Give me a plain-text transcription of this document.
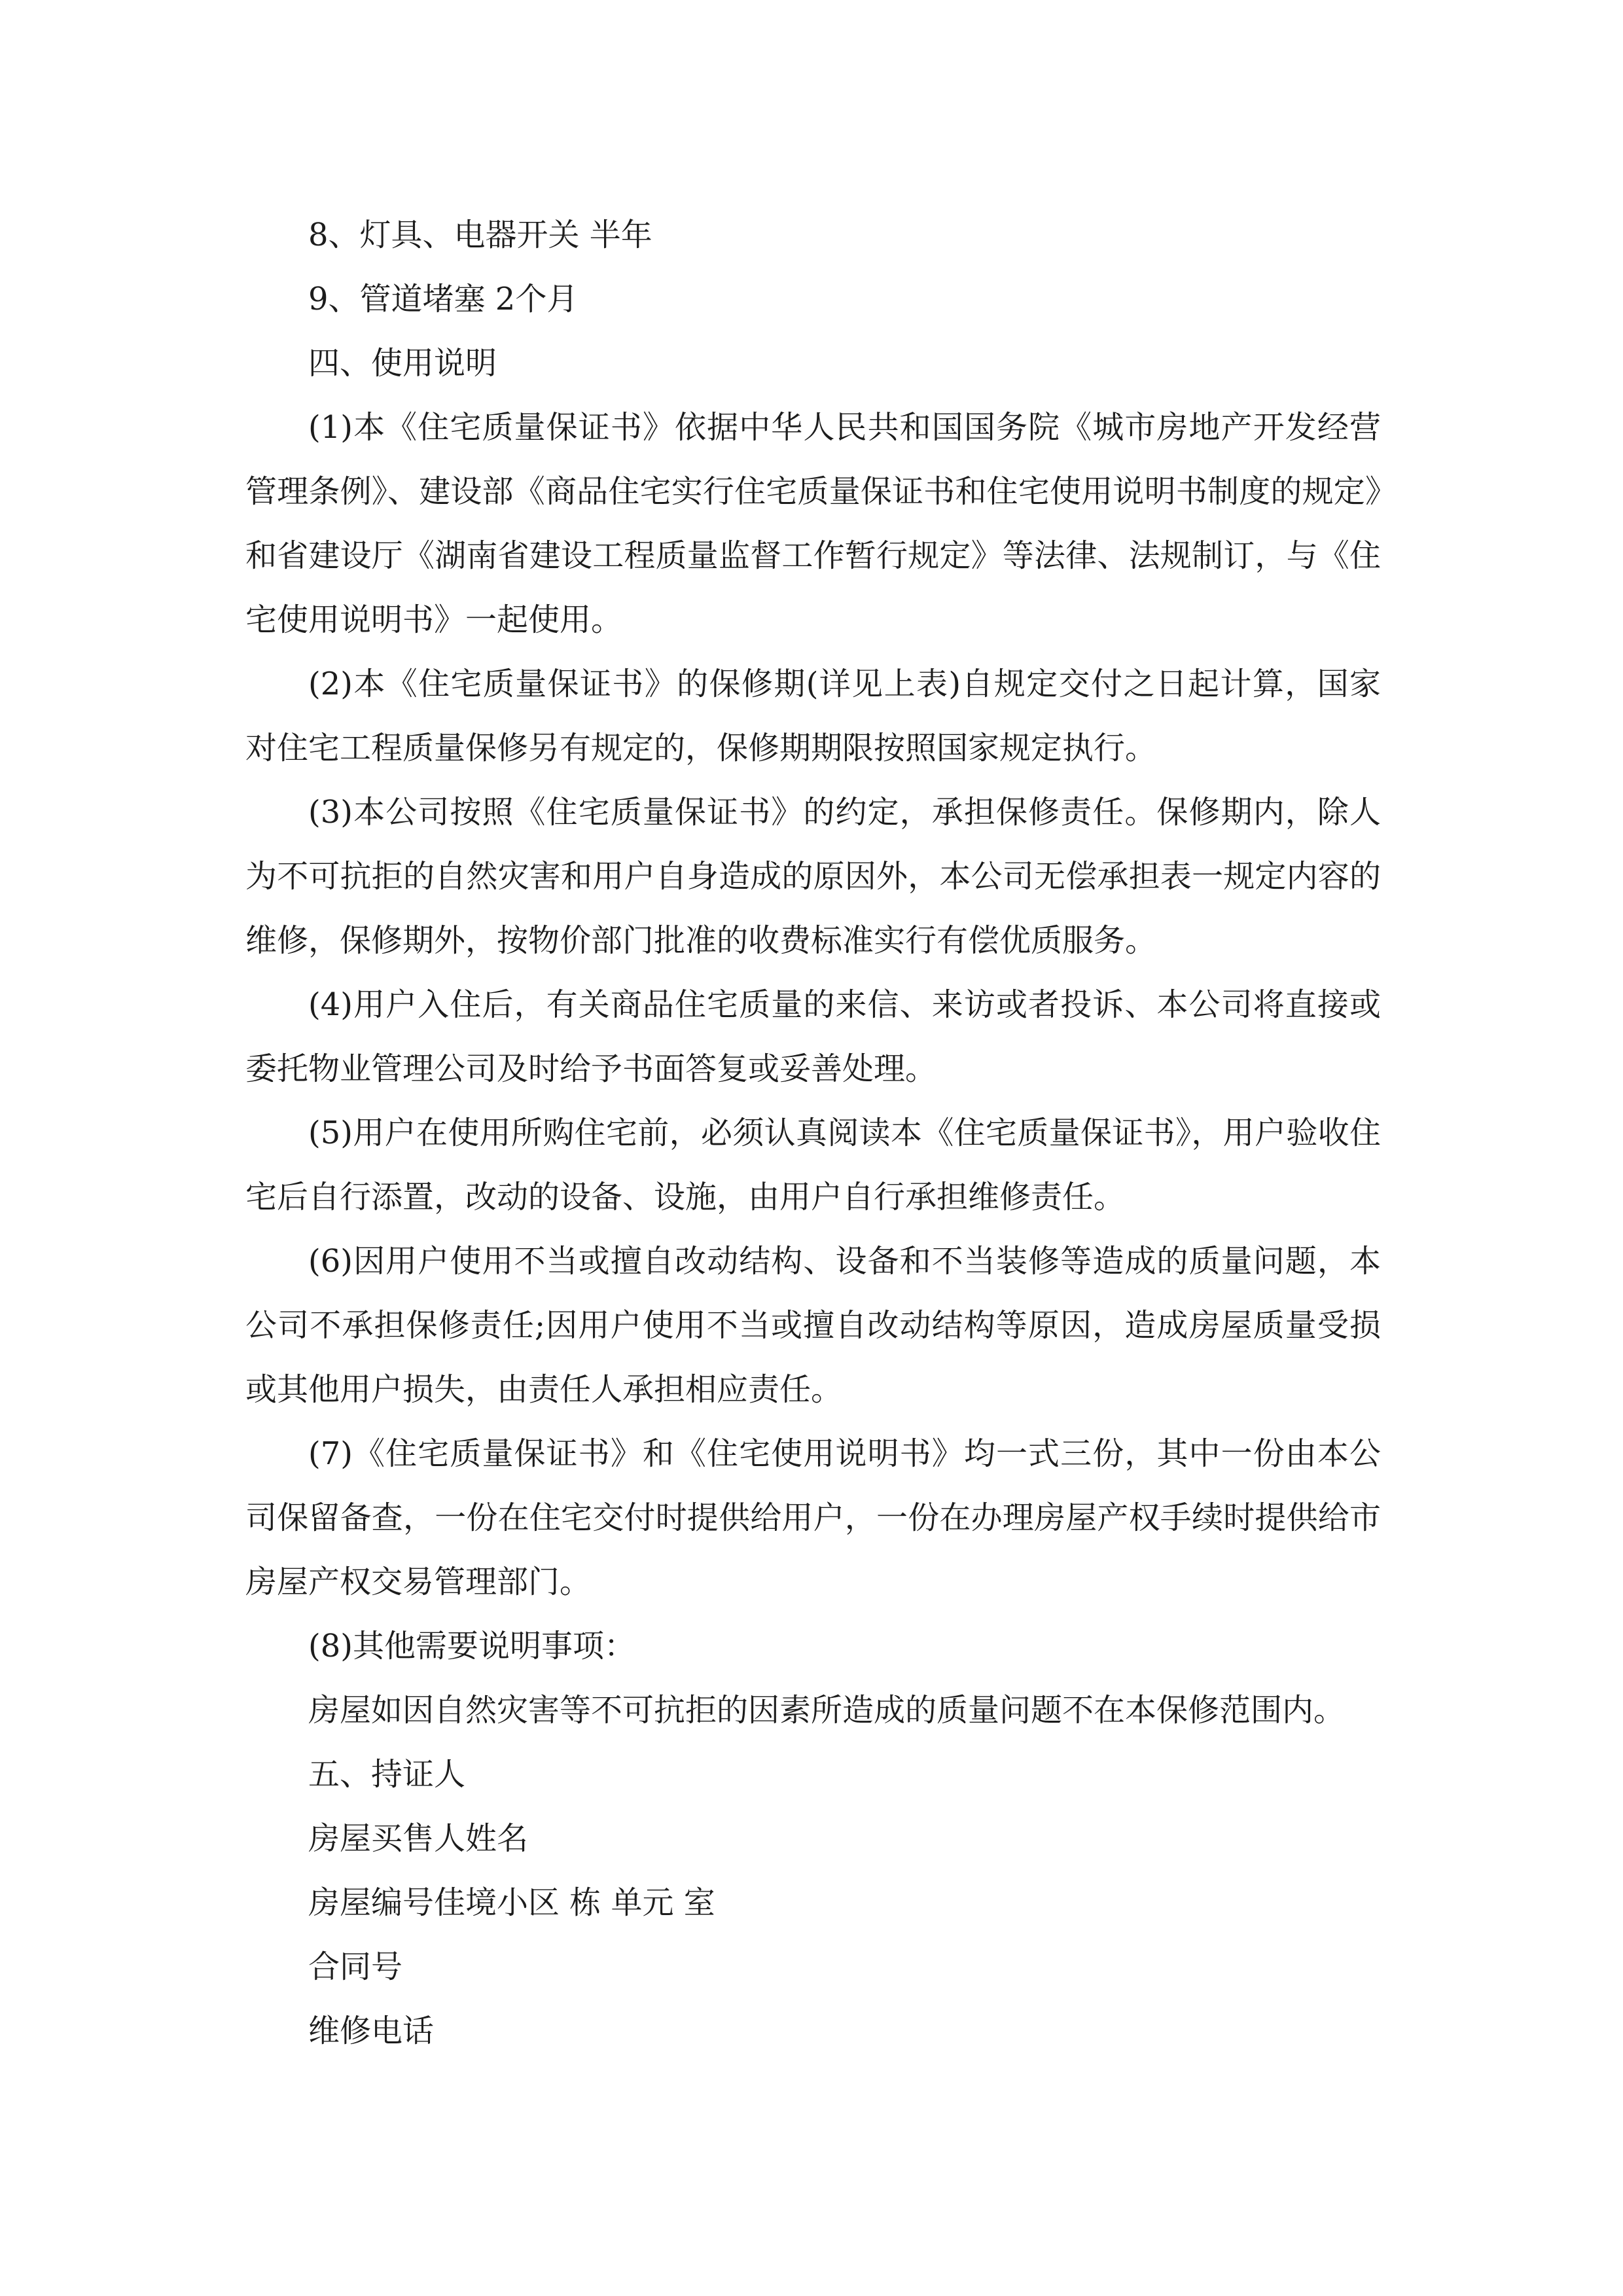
8、灯具、电器开关 半年

9、管道堵塞 2个月

四、使用说明

(1)本《住宅质量保证书》依据中华人民共和国国务院《城市房地产开发经营管理条例》、建设部《商品住宅实行住宅质量保证书和住宅使用说明书制度的规定》和省建设厅《湖南省建设工程质量监督工作暂行规定》等法律、法规制订，与《住宅使用说明书》一起使用。

(2)本《住宅质量保证书》的保修期(详见上表)自规定交付之日起计算，国家对住宅工程质量保修另有规定的，保修期期限按照国家规定执行。

(3)本公司按照《住宅质量保证书》的约定，承担保修责任。保修期内，除人为不可抗拒的自然灾害和用户自身造成的原因外，本公司无偿承担表一规定内容的维修，保修期外，按物价部门批准的收费标准实行有偿优质服务。

(4)用户入住后，有关商品住宅质量的来信、来访或者投诉、本公司将直接或委托物业管理公司及时给予书面答复或妥善处理。

(5)用户在使用所购住宅前，必须认真阅读本《住宅质量保证书》，用户验收住宅后自行添置，改动的设备、设施，由用户自行承担维修责任。

(6)因用户使用不当或擅自改动结构、设备和不当装修等造成的质量问题，本公司不承担保修责任;因用户使用不当或擅自改动结构等原因，造成房屋质量受损或其他用户损失，由责任人承担相应责任。

(7)《住宅质量保证书》和《住宅使用说明书》均一式三份，其中一份由本公司保留备查，一份在住宅交付时提供给用户，一份在办理房屋产权手续时提供给市房屋产权交易管理部门。

(8)其他需要说明事项：

房屋如因自然灾害等不可抗拒的因素所造成的质量问题不在本保修范围内。

五、持证人

房屋买售人姓名

房屋编号佳境小区 栋 单元 室

合同号

维修电话
